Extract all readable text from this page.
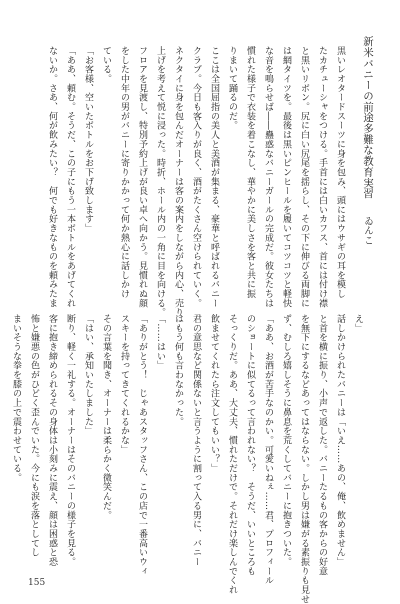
新米バニーの前途多難な教育実習
ゐんこ
黒いレオタードスーツに身を包み、頭にはウサギの耳を模し
たカチューシャをつける。手首には白いカフス、首には付け襟
と黒いリボン。尻に白い尻尾を揺らし、その下に伸びる両脚に
は網タイツを。最後は黒いピンヒールを履いてコツコツと軽快
な音を鳴らせば――蠱惑なバニーガールの完成だ。彼女たちは
慣れた様子で衣装を着こなし、華やかに美しさを客と共に振
りまいて踊るのだ。
ここは全国屈指の美人と美酒が集まる、豪華と呼ばれるバニー
クラブ。今日も客入りが良く、酒がたくさん空けられていく。
ネクタイに身を包んだオーナーは客の案内をしながら内心、売り
上げを考えて悦に浸った。時折、ホール内の一角に目を向ける。
フロアを見渡し、特別予約上げが良い卓へ向かう。見慣れぬ顔
をした中年の男がバニーに寄りかかって何か熱心に話しかけ
ている。
「お客様、空いたボトルをお下げ致します」
「ああ、頼む。そうだ、この子にもう一本ボトルをあげてくれ
ないか。さあ、何が飲みたい？　何でも好きなものを頼みたま
え」
話しかけられたバニーは「いえ……あの、俺、飲めません」
と首を横に振り、小声で返した。バニーたるもの客からの好意
を無下にするなどあってはならない。しかし男は嫌がる素振りも見せ
ず、むしろ嬉しそうに鼻息を荒くしてバニーに抱きついた。
「ああ、お酒が苦手なのかい。可愛いねぇ……君、プロフィール
のショートに似てるって言われない？　そうだ、いいところも
そっくりだ。ああ、大丈夫、慣れただけで。それだけ楽しんでくれ
飲ませてくれたら注文してもいい？」
君の意思など関係ないと言うように割って入る男に、バニー
はもう何も言わなかった。
「……はい」
「ありがとう！　じゃあスタッフさん、この店で一番高いウィ
スキーを持ってきてくれるかな」
その言葉を聞き、オーナーは柔らかく微笑んだ。
「はい、承知いたしました」
断り、軽く一礼する。オーナーはそのバニーの様子を見る。
客に抱き締められるその身体は小刻みに震え、顔は困惑と恐
怖と嫌悪の色がひどく歪んでいた。今にも涙を落としてし
まいそうな拳を膝の上で震わせている。
155
